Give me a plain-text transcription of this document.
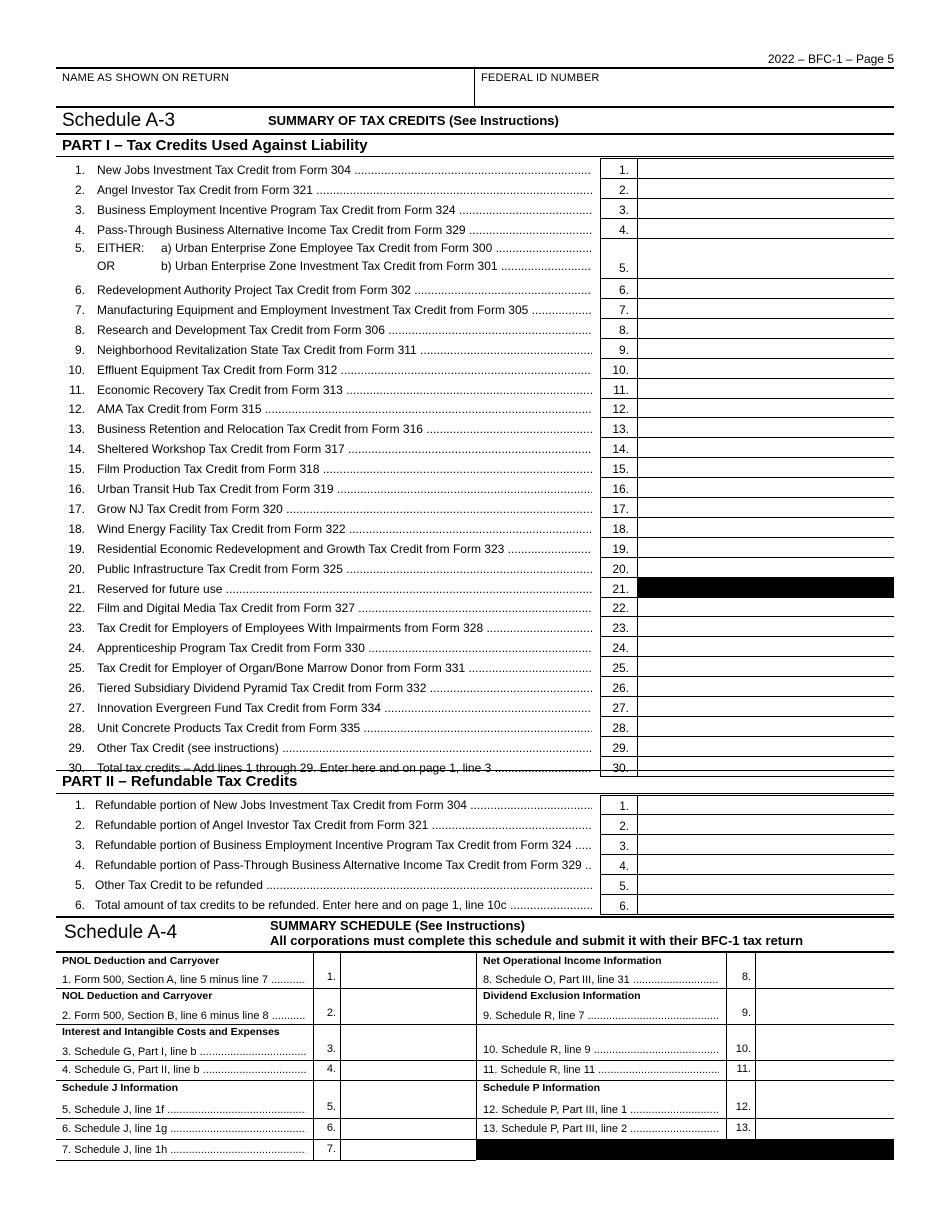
2022 – BFC-1 – Page 5
NAME AS SHOWN ON RETURN	FEDERAL ID NUMBER
Schedule A-3	SUMMARY OF TAX CREDITS (See Instructions)
PART I – Tax Credits Used Against Liability
1. New Jobs Investment Tax Credit from Form 304 .....	1.
2. Angel Investor Tax Credit from Form 321 .....	2.
3. Business Employment Incentive Program Tax Credit from Form 324 .....	3.
4. Pass-Through Business Alternative Income Tax Credit from Form 329 .....	4.
5. EITHER: a) Urban Enterprise Zone Employee Tax Credit from Form 300 .....
OR	b) Urban Enterprise Zone Investment Tax Credit from Form 301 .....	5.
6. Redevelopment Authority Project Tax Credit from Form 302 .....	6.
7. Manufacturing Equipment and Employment Investment Tax Credit from Form 305 .....	7.
8. Research and Development Tax Credit from Form 306 .....	8.
9. Neighborhood Revitalization State Tax Credit from Form 311 .....	9.
10. Effluent Equipment Tax Credit from Form 312 .....	10.
11. Economic Recovery Tax Credit from Form 313 .....	11.
12. AMA Tax Credit from Form 315 .....	12.
13. Business Retention and Relocation Tax Credit from Form 316 .....	13.
14. Sheltered Workshop Tax Credit from Form 317 .....	14.
15. Film Production Tax Credit from Form 318 .....	15.
16. Urban Transit Hub Tax Credit from Form 319 .....	16.
17. Grow NJ Tax Credit from Form 320 .....	17.
18. Wind Energy Facility Tax Credit from Form 322 .....	18.
19. Residential Economic Redevelopment and Growth Tax Credit from Form 323 .....	19.
20. Public Infrastructure Tax Credit from Form 325 .....	20.
21. Reserved for future use .....	21.
22. Film and Digital Media Tax Credit from Form 327 .....	22.
23. Tax Credit for Employers of Employees With Impairments from Form 328 .....	23.
24. Apprenticeship Program Tax Credit from Form 330 .....	24.
25. Tax Credit for Employer of Organ/Bone Marrow Donor from Form 331 .....	25.
26. Tiered Subsidiary Dividend Pyramid Tax Credit from Form 332 .....	26.
27. Innovation Evergreen Fund Tax Credit from Form 334 .....	27.
28. Unit Concrete Products Tax Credit from Form 335 .....	28.
29. Other Tax Credit (see instructions) .....	29.
30. Total tax credits – Add lines 1 through 29. Enter here and on page 1, line 3 .....	30.
PART II – Refundable Tax Credits
1. Refundable portion of New Jobs Investment Tax Credit from Form 304 .....	1.
2. Refundable portion of Angel Investor Tax Credit from Form 321 .....	2.
3. Refundable portion of Business Employment Incentive Program Tax Credit from Form 324 .....	3.
4. Refundable portion of Pass-Through Business Alternative Income Tax Credit from Form 329 .....	4.
5. Other Tax Credit to be refunded .....	5.
6. Total amount of tax credits to be refunded. Enter here and on page 1, line 10c .....	6.
Schedule A-4	SUMMARY SCHEDULE (See Instructions)
All corporations must complete this schedule and submit it with their BFC-1 tax return
PNOL Deduction and Carryover
1. Form 500, Section A, line 5 minus line 7 .....	1.
NOL Deduction and Carryover
2. Form 500, Section B, line 6 minus line 8 .....	2.
Interest and Intangible Costs and Expenses
3. Schedule G, Part I, line b .....	3.
4. Schedule G, Part II, line b .....	4.
Schedule J Information
5. Schedule J, line 1f .....	5.
6. Schedule J, line 1g .....	6.
7. Schedule J, line 1h .....	7.
Net Operational Income Information
8. Schedule O, Part III, line 31 .....	8.
Dividend Exclusion Information
9. Schedule R, line 7 .....	9.
10. Schedule R, line 9 .....	10.
11. Schedule R, line 11 .....	11.
Schedule P Information
12. Schedule P, Part III, line 1 .....	12.
13. Schedule P, Part III, line 2 .....	13.
